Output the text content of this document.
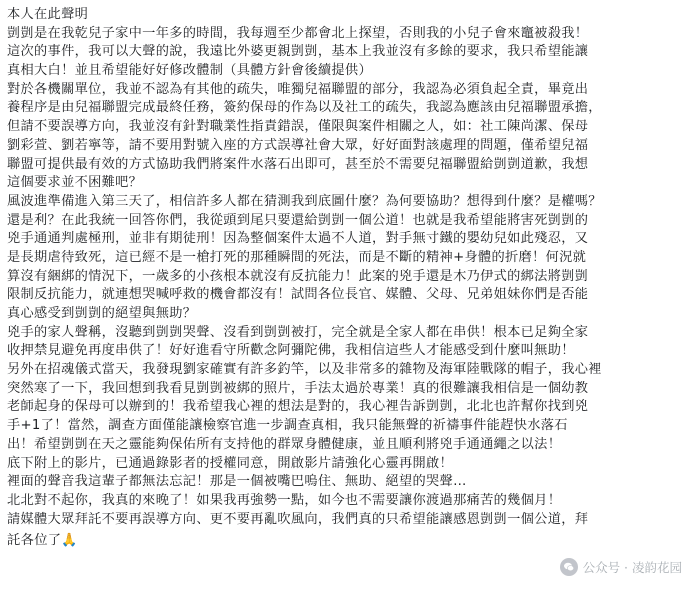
本人在此聲明
剴剴是在我乾兒子家中一年多的時間，我每週至少都會北上探望，否則我的小兒子會來竈被殺我！
這次的事件，我可以大聲的說，我遠比外婆更親剴剴，基本上我並沒有多餘的要求，我只希望能讓
真相大白！並且希望能好好修改體制（具體方針會後續提供）
對於各機關單位，我並不認為有其他的疏失，唯獨兒福聯盟的部分，我認為必須負起全責，畢竟出
養程序是由兒福聯盟完成最終任務，簽約保母的作為以及社工的疏失，我認為應該由兒福聯盟承擔，
但請不要誤導方向，我並沒有針對職業性指責錯誤，僅限與案件相關之人，如：社工陳尚潔、保母
劉彩萱、劉若寧等，請不要用對號入座的方式誤導社會大眾，好好面對該處理的問題，僅希望兒福
聯盟可提供最有效的方式協助我們將案件水落石出即可，甚至於不需要兒福聯盟給剴剴道歉，我想
這個要求並不困難吧？
風波進準備進入第三天了，相信許多人都在猜測我到底圖什麼？為何要協助？想得到什麼？是權嗎？
還是利？在此我統一回答你們，我從頭到尾只要還給剴剴一個公道！也就是我希望能將害死剴剴的
兇手通通判處極刑，並非有期徒刑！因為整個案件太過不人道，對手無寸鐵的嬰幼兒如此殘忍，又
是長期虐待致死，這已經不是一槍打死的那種瞬間的死法，而是不斷的精神+身體的折磨！何況就
算沒有綑綁的情況下，一歲多的小孩根本就沒有反抗能力！此案的兇手還是木乃伊式的綁法將剴剴
限制反抗能力，就連想哭喊呼救的機會都沒有！試問各位長官、媒體、父母、兄弟姐妹你們是否能
真心感受到剴剴的絕望與無助？
兇手的家人聲稱，沒聽到剴剴哭聲、沒看到剴剴被打，完全就是全家人都在串供！根本已足夠全家
收押禁見避免再度串供了！好好進看守所歡念阿彌陀佛，我相信這些人才能感受到什麼叫無助！
另外在招魂儀式當天，我發現劉家確實有許多釣竿，以及非常多的雜物及海軍陸戰隊的帽子，我心裡
突然寒了一下，我回想到我看見剴剴被綁的照片，手法太過於專業！真的很難讓我相信是一個幼教
老師起身的保母可以辦到的！我希望我心裡的想法是對的，我心裡告訴剴剴，北北也許幫你找到兇
手+1了！當然，調查方面僅能讓檢察官進一步調查真相，我只能無聲的祈禱事件能趕快水落石
出！希望剴剴在天之靈能夠保佑所有支持他的群眾身體健康，並且順利將兇手通通繩之以法！
底下附上的影片，已通過錄影者的授權同意，開啟影片請強化心靈再開啟！
裡面的聲音我這輩子都無法忘記！那是一個被嘴巴嗚住、無助、絕望的哭聲…
北北對不起你，我真的來晚了！如果我再強勢一點，如今也不需要讓你渡過那痛苦的幾個月！
請媒體大眾拜託不要再誤導方向、更不要再亂吹風向，我們真的只希望能讓感恩剴剴一個公道，拜
託各位了🙏
公众号 · 凌韵花园
